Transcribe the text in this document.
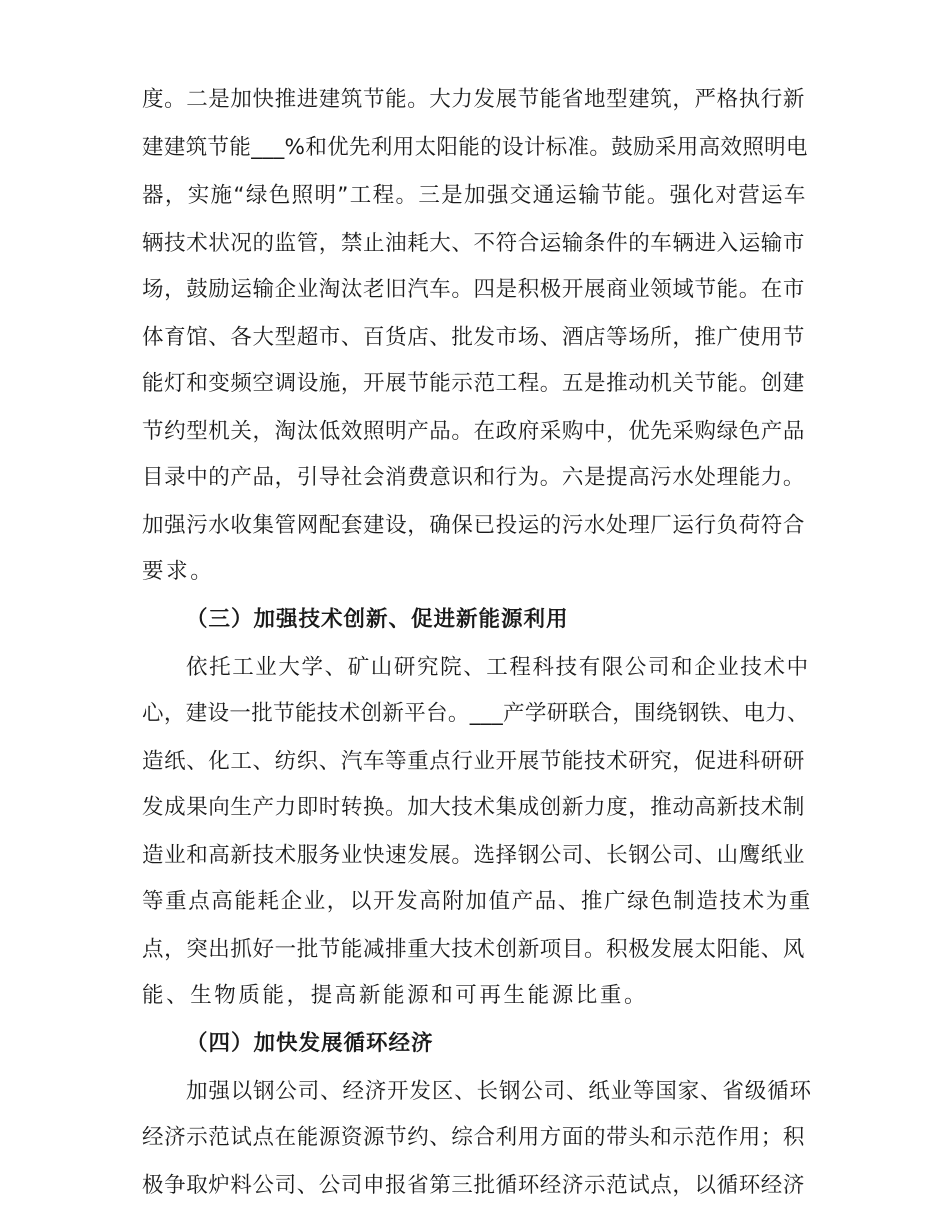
度。二是加快推进建筑节能。大力发展节能省地型建筑，严格执行新
建建筑节能___%和优先利用太阳能的设计标准。鼓励采用高效照明电
器，实施“绿色照明”工程。三是加强交通运输节能。强化对营运车
辆技术状况的监管，禁止油耗大、不符合运输条件的车辆进入运输市
场，鼓励运输企业淘汰老旧汽车。四是积极开展商业领域节能。在市
体育馆、各大型超市、百货店、批发市场、酒店等场所，推广使用节
能灯和变频空调设施，开展节能示范工程。五是推动机关节能。创建
节约型机关，淘汰低效照明产品。在政府采购中，优先采购绿色产品
目录中的产品，引导社会消费意识和行为。六是提高污水处理能力。
加强污水收集管网配套建设，确保已投运的污水处理厂运行负荷符合
要求。
（三）加强技术创新、促进新能源利用
依托工业大学、矿山研究院、工程科技有限公司和企业技术中
心，建设一批节能技术创新平台。___产学研联合，围绕钢铁、电力、
造纸、化工、纺织、汽车等重点行业开展节能技术研究，促进科研研
发成果向生产力即时转换。加大技术集成创新力度，推动高新技术制
造业和高新技术服务业快速发展。选择钢公司、长钢公司、山鹰纸业
等重点高能耗企业，以开发高附加值产品、推广绿色制造技术为重
点，突出抓好一批节能减排重大技术创新项目。积极发展太阳能、风
能、生物质能，提高新能源和可再生能源比重。
（四）加快发展循环经济
加强以钢公司、经济开发区、长钢公司、纸业等国家、省级循环
经济示范试点在能源资源节约、综合利用方面的带头和示范作用；积
极争取炉料公司、公司申报省第三批循环经济示范试点，以循环经济
